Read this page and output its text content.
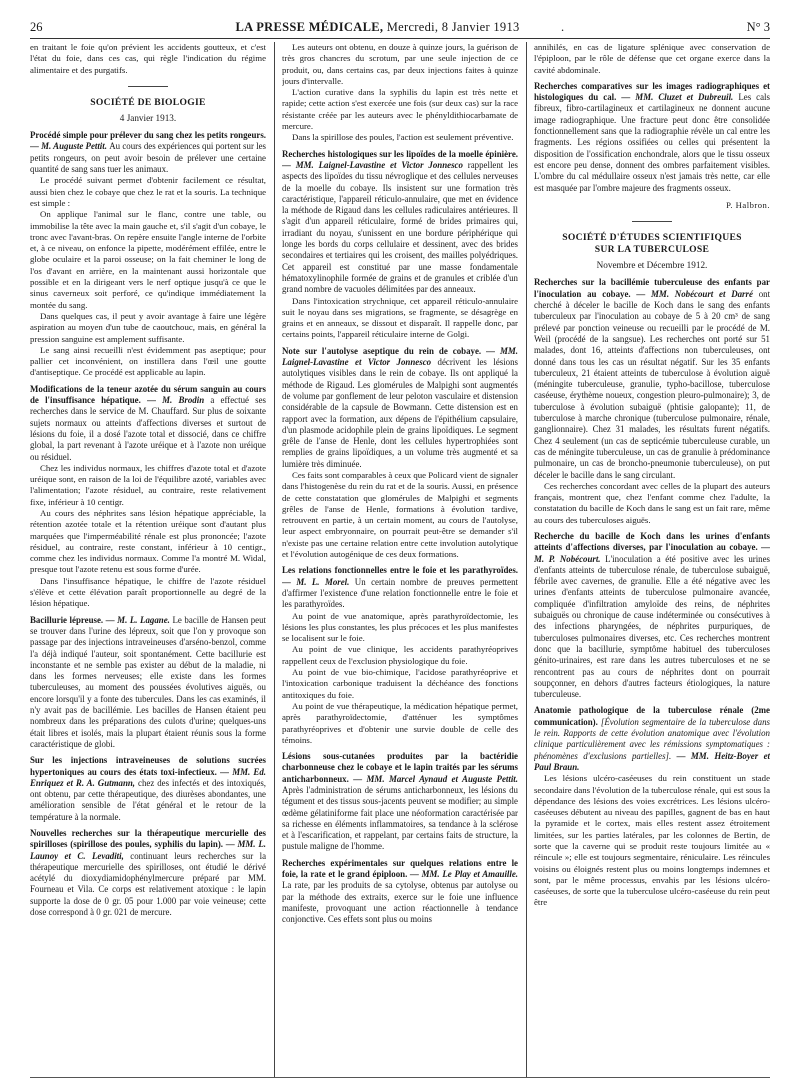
26	LA PRESSE MÉDICALE, Mercredi, 8 Janvier 1913	.	N° 3

en traitant le foie qu'on prévient les accidents goutteux, et c'est l'état du foie, dans ces cas, qui règle l'indication du régime alimentaire et des purgatifs.

SOCIÉTÉ DE BIOLOGIE
4 Janvier 1913.
Procédé simple pour prélever du sang chez les petits rongeurs. — M. Auguste Pettit. Au cours des expériences qui portent sur les petits rongeurs, on peut avoir besoin de prélever une certaine quantité de sang sans tuer les animaux.

Le procédé suivant permet d'obtenir facilement ce résultat, aussi bien chez le cobaye que chez le rat et la souris. La technique est simple :

On applique l'animal sur le flanc, contre une table, ou immobilise la tête avec la main gauche et, s'il s'agit d'un cobaye, le tronc avec l'avant-bras. On repère ensuite l'angle interne de l'orbite et, à ce niveau, on enfonce la pipette, modérément effilée, entre le globe oculaire et la paroi osseuse; on la fait cheminer le long de l'os d'avant en arrière, en la maintenant aussi horizontale que possible et en la dirigeant vers le nerf optique jusqu'à ce que le sinus caverneux soit perforé, ce qu'indique immédiatement la montée du sang.

Dans quelques cas, il peut y avoir avantage à faire une légère aspiration au moyen d'un tube de caoutchouc, mais, en général la pression sanguine est amplement suffisante.

Le sang ainsi recueilli n'est évidemment pas aseptique; pour pallier cet inconvénient, on instillera dans l'œil une goutte d'antiseptique. Ce procédé est applicable au lapin.

Modifications de la teneur azotée du sérum sanguin au cours de l'insuffisance hépatique. — M. Brodin a effectué ses recherches dans le service de M. Chauffard. Sur plus de soixante sujets normaux ou atteints d'affections diverses et surtout de lésions du foie, il a dosé l'azote total et dissocié, dans ce chiffre global, la part revenant à l'azote uréique et à l'azote non uréique ou résiduel.

Chez les individus normaux, les chiffres d'azote total et d'azote uréique sont, en raison de la loi de l'équilibre azoté, variables avec l'alimentation; l'azote résiduel, au contraire, reste relativement fixe, inférieur à 10 centigr.

Au cours des néphrites sans lésion hépatique appréciable, la rétention azotée totale et la rétention uréique sont d'autant plus marquées que l'imperméabilité rénale est plus prononcée; l'azote résiduel, au contraire, reste constant, inférieur à 10 centigr., comme chez les individus normaux. Comme l'a montré M. Widal, presque tout l'azote retenu est sous forme d'urée.

Dans l'insuffisance hépatique, le chiffre de l'azote résiduel s'élève et cette élévation paraît proportionnelle au degré de la lésion hépatique.

Bacillurie lépreuse. — M. L. Lagane. Le bacille de Hansen peut se trouver dans l'urine des lépreux, soit que l'on y provoque son passage par des injections intraveineuses d'arséno-benzol, comme l'a déjà indiqué l'auteur, soit spontanément. Cette bacillurie est inconstante et ne semble pas exister au début de la maladie, ni dans les formes nerveuses; elle existe dans les formes tuberculeuses, au moment des poussées évolutives aiguës, ou encore lorsqu'il y a fonte des tubercules. Dans les cas examinés, il n'y avait pas de bacillémie. Les bacilles de Hansen étaient peu nombreux dans les préparations des culots d'urine; quelques-uns était libres et isolés, mais la plupart étaient réunis sous la forme caractéristique de globi.
Sur les injections intraveineuses de solutions sucrées hypertoniques au cours des états toxi-infectieux. — MM. Ed. Enriquez et R. A. Gutmann, chez des infectés et des intoxiqués, ont obtenu, par cette thérapeutique, des diurèses abondantes, une amélioration sensible de l'état général et le retour de la température à la normale.
Nouvelles recherches sur la thérapeutique mercurielle des spirilloses (spirillose des poules, syphilis du lapin). — MM. L. Launoy et C. Levaditi, continuant leurs recherches sur la thérapeutique mercurielle des spirilloses, ont étudié le dérivé acétylé du dioxydiamidophénylmercure préparé par MM. Fourneau et Vila. Ce corps est relativement atoxique : le lapin supporte la dose de 0 gr. 05 pour 1.000 par voie veineuse; cette dose correspond à 0 gr. 021 de mercure.

Les auteurs ont obtenu, en douze à quinze jours, la guérison de très gros chancres du scrotum, par une seule injection de ce produit, ou, dans certains cas, par deux injections faites à quinze jours d'intervalle.

L'action curative dans la syphilis du lapin est très nette et rapide; cette action s'est exercée une fois (sur deux cas) sur la race résistante créée par les auteurs avec le phényldithiocarbamate de mercure.

Dans la spirillose des poules, l'action est seulement préventive.

Recherches histologiques sur les lipoïdes de la moelle épinière. — MM. Laignel-Lavastine et Victor Jonnesco rappellent les aspects des lipoïdes du tissu névroglique et des cellules nerveuses de la moelle du cobaye. Ils insistent sur une formation très caractéristique, l'appareil réticulo-annulaire, que met en évidence la méthode de Rigaud dans les cellules radiculaires antérieures. Il s'agit d'un appareil réticulaire, formé de brides primaires qui, irradiant du noyau, s'unissent en une bordure périphérique qui longe les bords du corps cellulaire et dessinent, avec des brides secondaires et tertiaires qui les croisent, des mailles polyédriques. Cet appareil est constitué par une masse fondamentale hématoxylinophile formée de grains et de granules et criblée d'un grand nombre de vacuoles délimitées par des anneaux.

Dans l'intoxication strychnique, cet appareil réticulo-annulaire suit le noyau dans ses migrations, se fragmente, se désagrège en grains et en anneaux, se dissout et disparaît. Il rappelle donc, par certains points, l'appareil réticulaire interne de Golgi.

Note sur l'autolyse aseptique du rein de cobaye. — MM. Laignel-Lavastine et Victor Jonnesco décrivent les lésions autolytiques visibles dans le rein de cobaye. Ils ont appliqué la méthode de Rigaud. Les glomérules de Malpighi sont augmentés de volume par gonflement de leur peloton vasculaire et distension considérable de la capsule de Bowmann. Cette distension est en rapport avec la formation, aux dépens de l'épithélium capsulaire, d'un plasmode acidophile plein de grains lipoïdiques. Le segment grêle de l'anse de Henle, dont les cellules hypertrophiées sont remplies de grains lipoïdiques, a un volume très augmenté et sa lumière très diminuée.

Ces faits sont comparables à ceux que Policard vient de signaler dans l'histogenèse du rein du rat et de la souris. Aussi, en présence de cette constatation que glomérules de Malpighi et segments grêles de l'anse de Henle, formations à évolution tardive, retrouvent en partie, à un certain moment, au cours de l'autolyse, leur aspect embryonnaire, on pourrait peut-être se demander s'il n'existe pas une certaine relation entre cette involution autolytique et l'évolution autogénique de ces deux formations.

Les relations fonctionnelles entre le foie et les parathyroïdes. — M. L. Morel. Un certain nombre de preuves permettent d'affirmer l'existence d'une relation fonctionnelle entre le foie et les parathyroïdes.

Au point de vue anatomique, après parathyroïdectomie, les lésions les plus constantes, les plus précoces et les plus manifestes se localisent sur le foie.

Au point de vue clinique, les accidents parathyréoprives rappellent ceux de l'exclusion physiologique du foie.

Au point de vue bio-chimique, l'acidose parathyréoprive et l'intoxication carbonique traduisent la déchéance des fonctions antitoxiques du foie.

Au point de vue thérapeutique, la médication hépatique permet, après parathyroïdectomie, d'atténuer les symptômes parathyréoprives et d'obtenir une survie double de celle des témoins.

Lésions sous-cutanées produites par la bactéridie charbonneuse chez le cobaye et le lapin traités par les sérums anticharbonneux. — MM. Marcel Aynaud et Auguste Pettit. Après l'administration de sérums anticharbonneux, les lésions du tégument et des tissus sous-jacents peuvent se modifier; au simple œdème gélatiniforme fait place une néoformation caractérisée par sa richesse en éléments inflammatoires, sa tendance à la sclérose et à l'escarification, et rappelant, par certains faits de structure, la pustule maligne de l'homme.
Recherches expérimentales sur quelques relations entre le foie, la rate et le grand épiploon. — MM. Le Play et Amauille. La rate, par les produits de sa cytolyse, obtenus par autolyse ou par la méthode des extraits, exerce sur le foie une influence manifeste, provoquant une action réactionnelle à tendance conjonctive. Ces effets sont plus ou moins

annihilés, en cas de ligature splénique avec conservation de l'épiploon, par le rôle de défense que cet organe exerce dans la cavité abdominale.

Recherches comparatives sur les images radiographiques et histologiques du cal. — MM. Cluzet et Dubreuil. Les cals fibreux, fibro-cartilagineux et cartilagineux ne donnent aucune image radiographique. Une fracture peut donc être consolidée fonctionnellement sans que la radiographie révèle un cal entre les fragments. Les régions ossifiées ou celles qui présentent la disposition de l'ossification enchondrale, alors que le tissu osseux est encore peu dense, donnent des ombres parfaitement visibles. L'ombre du cal médullaire osseux n'est jamais très nette, car elle est masquée par l'ombre majeure des fragments osseux.
P. Halbron.
SOCIÉTÉ D'ÉTUDES SCIENTIFIQUES
SUR LA TUBERCULOSE
Novembre et Décembre 1912.
Recherches sur la bacillémie tuberculeuse des enfants par l'inoculation au cobaye. — MM. Nobécourt et Darré ont cherché à déceler le bacille de Koch dans le sang des enfants tuberculeux par l'inoculation au cobaye de 5 à 20 cm³ de sang prélevé par ponction veineuse ou recueilli par le procédé de M. Weil (procédé de la sangsue). Les recherches ont porté sur 51 malades, dont 16, atteints d'affections non tuberculeuses, ont donné dans tous les cas un résultat négatif. Sur les 35 enfants tuberculeux, 21 étaient atteints de tuberculose à évolution aiguë (méningite tuberculeuse, granulie, typho-bacillose, tuberculose caséeuse, érythème noueux, congestion pleuro-pulmonaire); 3, de tuberculose à évolution subaiguë (phtisie galopante); 11, de tuberculose à marche chronique (tuberculose pulmonaire, rénale, ganglionnaire). Chez 31 malades, les résultats furent négatifs. Chez 4 seulement (un cas de septicémie tuberculeuse curable, un cas de méningite tuberculeuse, un cas de granulie à prédominance pulmonaire, un cas de broncho-pneumonie tuberculeuse), on put déceler le bacille dans le sang circulant.

Ces recherches concordant avec celles de la plupart des auteurs français, montrent que, chez l'enfant comme chez l'adulte, la constatation du bacille de Koch dans le sang est un fait rare, même au cours des tuberculoses aiguës.

Recherche du bacille de Koch dans les urines d'enfants atteints d'affections diverses, par l'inoculation au cobaye. — M. P. Nobécourt. L'inoculation a été positive avec les urines d'enfants atteints de tuberculose rénale, de tuberculose subaiguë, fébrile avec cavernes, de granulie. Elle a été négative avec les urines d'enfants atteints de tuberculose pulmonaire avancée, compliquée d'infiltration amyloïde des reins, de néphrites subaiguës ou chronique de cause indéterminée ou consécutives à des infections pharyngées, de néphrites purpuriques, de tuberculoses pulmonaires diverses, etc. Ces recherches montrent donc que la bacillurie, symptôme habituel des tuberculoses génito-urinaires, est rare dans les autres tuberculoses et ne se rencontrent pas au cours de néphrites dont on pourrait soupçonner, en dehors d'autres facteurs étiologiques, la nature tuberculeuse.
Anatomie pathologique de la tuberculose rénale (2me communication). [Évolution segmentaire de la tuberculose dans le rein. Rapports de cette évolution anatomique avec l'évolution clinique particulièrement avec les rémissions symptomatiques : phénomènes d'exclusions partielles]. — MM. Heitz-Boyer et Paul Braun.

Les lésions ulcéro-caséeuses du rein constituent un stade secondaire dans l'évolution de la tuberculose rénale, qui est sous la dépendance des lésions des voies excrétrices. Les lésions ulcéro-caséeuses débutent au niveau des papilles, gagnent de bas en haut la pyramide et le cortex, mais elles restent assez étroitement limitées, sur les parties latérales, par les colonnes de Bertin, de sorte que la caverne qui se produit reste toujours limitée au « réincule »; elle est toujours segmentaire, réniculaire. Les réincules voisins ou éloignés restent plus ou moins longtemps indemnes et sont, par le même processus, envahis par les lésions ulcéro-caséeuses, de sorte que la tuberculose ulcéro-caséeuse du rein peut être
